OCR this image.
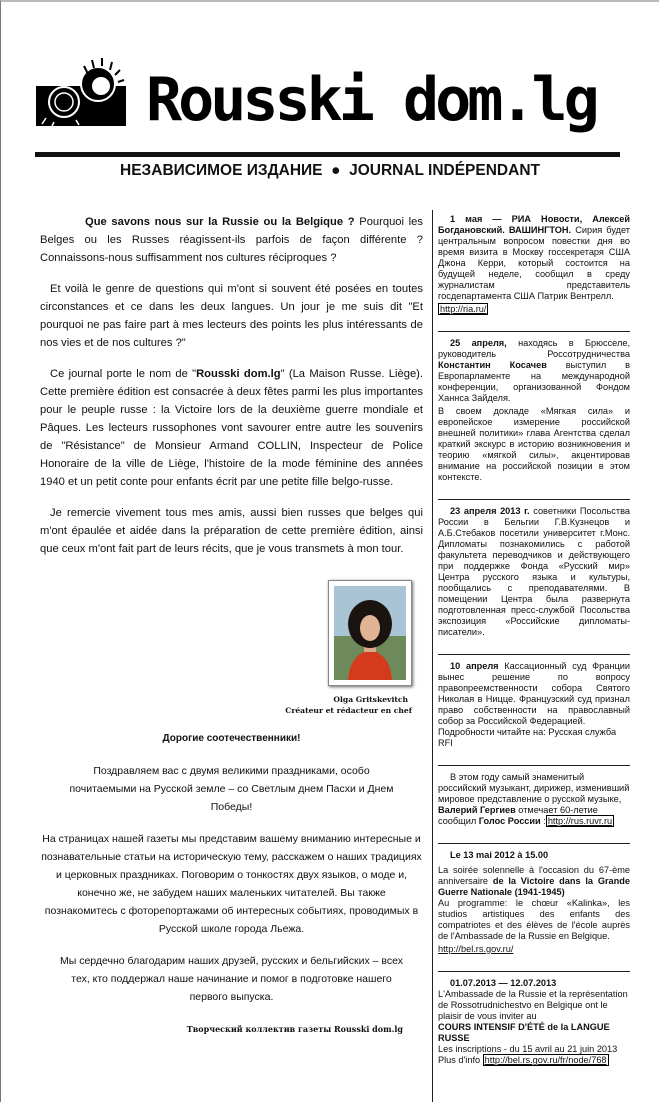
Rousski dom.lg
НЕЗАВИСИМОЕ ИЗДАНИЕ  ●  JOURNAL INDÉPENDANT
Que savons nous sur la Russie ou la Belgique ? Pourquoi les Belges ou les Russes réagissent-ils parfois de façon différente ? Connaissons-nous suffisamment nos cultures réciproques ?
Et voilà le genre de questions qui m'ont si souvent été posées en toutes circonstances et ce dans les deux langues. Un jour je me suis dit "Et pourquoi ne pas faire part à mes lecteurs des points les plus intéressants de nos vies et de nos cultures ?"
Ce journal porte le nom de "Rousski dom.lg" (La Maison Russe. Liège). Cette première édition est consacrée à deux fêtes parmi les plus importantes pour le peuple russe : la Victoire lors de la deuxième guerre mondiale et Pâques. Les lecteurs russophones vont savourer entre autre les souvenirs de "Résistance" de Monsieur Armand COLLIN, Inspecteur de Police Honoraire de la ville de Liège, l'histoire de la mode féminine des années 1940 et un petit conte pour enfants écrit par une petite fille belgo-russe.
Je remercie vivement tous mes amis, aussi bien russes que belges qui m'ont épaulée et aidée dans la préparation de cette première édition, ainsi que ceux m'ont fait part de leurs récits, que je vous transmets à mon tour.
Olga Gritskevitch
Créateur et rédacteur en chef
Дорогие соотечественники!
Поздравляем вас с двумя великими праздниками, особо почитаемыми на Русской земле – со Светлым днем Пасхи и Днем Победы!
На страницах нашей газеты мы представим вашему вниманию интересные и познавательные статьи на историческую тему, расскажем о наших традициях и церковных праздниках. Поговорим о тонкостях двух языков, о моде и, конечно же, не забудем наших маленьких читателей. Вы также познакомитесь с фоторепортажами об интересных событиях, проводимых в Русской школе города Льежа.
Мы сердечно благодарим наших друзей, русских и бельгийских – всех тех, кто поддержал наше начинание и помог в подготовке нашего первого выпуска.
Творческий коллектив газеты Rousski dom.lg
1 мая — РИА Новости, Алексей Богдановский. ВАШИНГТОН. Сирия будет центральным вопросом повестки дня во время визита в Москву госсекретаря США Джона Керри, который состоится на будущей неделе, сообщил в среду журналистам представитель госдепартамента США Патрик Вентрелл.
http://ria.ru/
25 апреля, находясь в Брюсселе, руководитель Россотрудничества Константин Косачев выступил в Европарламенте на международной конференции, организованной Фондом Ханнса Зайделя.
В своем докладе «Мягкая сила» и европейское измерение российской внешней политики» глава Агентства сделал краткий экскурс в историю возникновения и теорию «мягкой силы», акцентировав внимание на российской позиции в этом контексте.
23 апреля 2013 г. советники Посольства России в Бельгии Г.В.Кузнецов и А.Б.Стебаков посетили университет г.Монс. Дипломаты познакомились с работой факультета переводчиков и действующего при поддержке Фонда «Русский мир» Центра русского языка и культуры, пообщались с преподавателями. В помещении Центра была развернута подготовленная пресс-службой Посольства экспозиция «Российские дипломаты-писатели».
10 апреля Кассационный суд Франции вынес решение по вопросу правопреемственности собора Святого Николая в Ницце. Французский суд признал право собственности на православный собор за Российской Федерацией.
Подробности читайте на: Русская служба RFI
В этом году самый знаменитый российский музыкант, дирижер, изменивший мировое представление о русской музыке, Валерий Гергиев отмечает 60-летие
сообщил Голос России : http://rus.ruvr.ru
Le 13 mai 2012 à 15.00
La soirée solennelle à l'occasion du 67-ème anniversaire de la Victoire dans la Grande Guerre Nationale (1941-1945)
Au programme: le chœur «Kalinka», les studios artistiques des enfants des compatriotes et des élèves de l'école auprès de l'Ambassade de la Russie en Belgique.
http://bel.rs.gov.ru/
01.07.2013 — 12.07.2013
L'Ambassade de la Russie et la représentation de Rossotrudnichestvo en Belgique ont le plaisir de vous inviter au
COURS INTENSIF D'ÉTÉ de la LANGUE RUSSE
Les inscriptions - du 15 avril au 21 juin 2013
Plus d'info http://bel.rs.gov.ru/fr/node/768
